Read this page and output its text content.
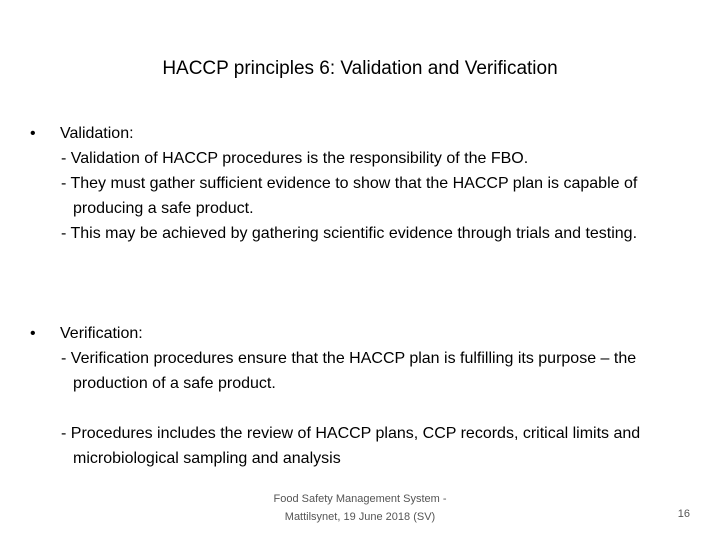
HACCP principles 6: Validation and Verification
• Validation:
- Validation of HACCP procedures is the responsibility of the FBO.
- They must gather sufficient evidence to show that the HACCP plan is capable of producing a safe product.
- This may be achieved by gathering scientific evidence through trials and testing.
• Verification:
- Verification procedures ensure that the HACCP plan is fulfilling its purpose – the production of a safe product.
- Procedures includes the review of HACCP plans, CCP records, critical limits and microbiological sampling and analysis
Food Safety Management System -
Mattilsynet, 19 June 2018 (SV)	16
